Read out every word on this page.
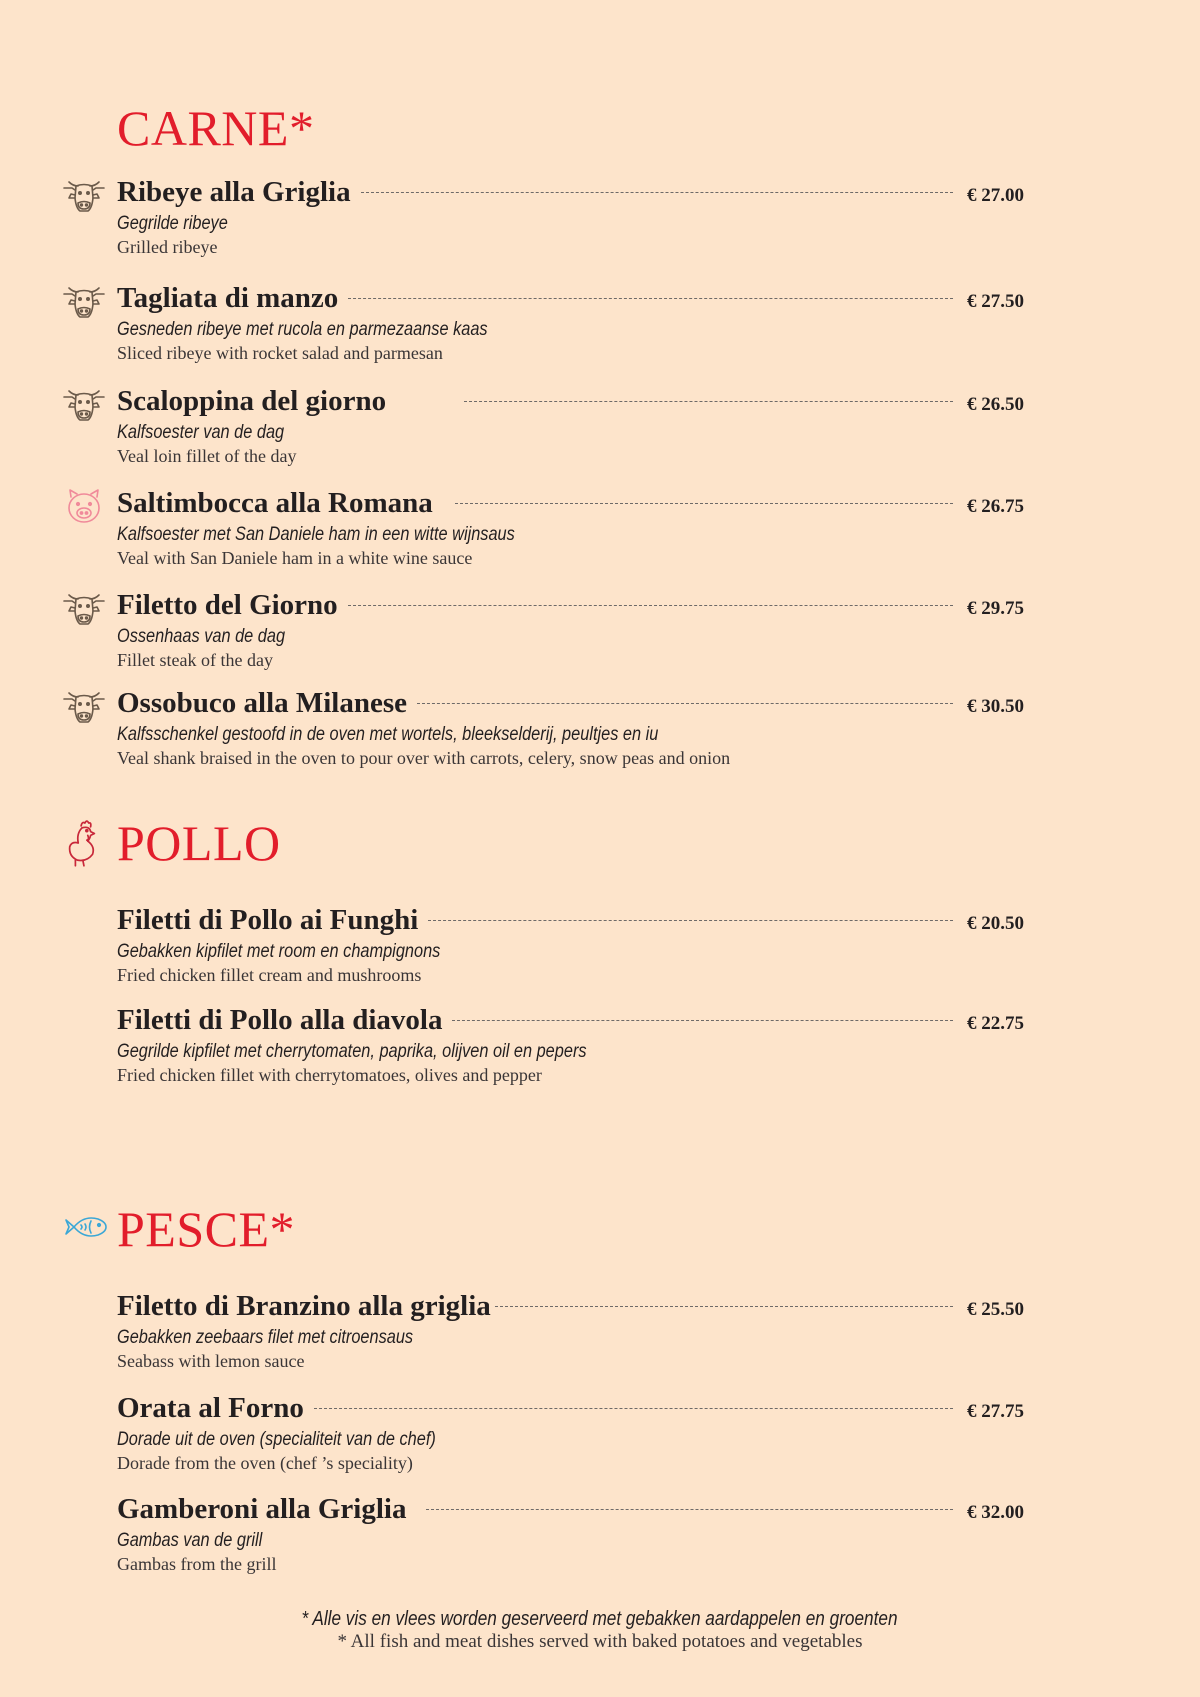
CARNE*
Ribeye alla Griglia	€ 27.00
Gegrilde ribeye
Grilled ribeye
Tagliata di manzo	€ 27.50
Gesneden ribeye met rucola en parmezaanse kaas
Sliced ribeye with rocket salad and parmesan
Scaloppina del giorno	€ 26.50
Kalfsoester van de dag
Veal loin fillet of the day
Saltimbocca alla Romana	€ 26.75
Kalfsoester met San Daniele ham in een witte wijnsaus
Veal with San Daniele ham in a white wine sauce
Filetto del Giorno	€ 29.75
Ossenhaas van de dag
Fillet steak of the day
Ossobuco alla Milanese	€ 30.50
Kalfsschenkel gestoofd in de oven met wortels, bleekselderij, peultjes en iu
Veal shank braised in the oven to pour over with carrots, celery, snow peas and onion
POLLO
Filetti di Pollo ai Funghi	€ 20.50
Gebakken kipfilet met room en champignons
Fried chicken fillet cream and mushrooms
Filetti di Pollo alla diavola	€ 22.75
Gegrilde kipfilet met cherrytomaten, paprika, olijven oil en pepers
Fried chicken fillet with cherrytomatoes, olives and pepper
PESCE*
Filetto di Branzino alla griglia	€ 25.50
Gebakken zeebaars filet met citroensaus
Seabass with lemon sauce
Orata al Forno	€ 27.75
Dorade uit de oven (specialiteit van de chef)
Dorade from the oven (chef ’s speciality)
Gamberoni alla Griglia	€ 32.00
Gambas van de grill
Gambas from the grill
* Alle vis en vlees worden geserveerd met gebakken aardappelen en groenten
* All fish and meat dishes served with baked potatoes and vegetables
